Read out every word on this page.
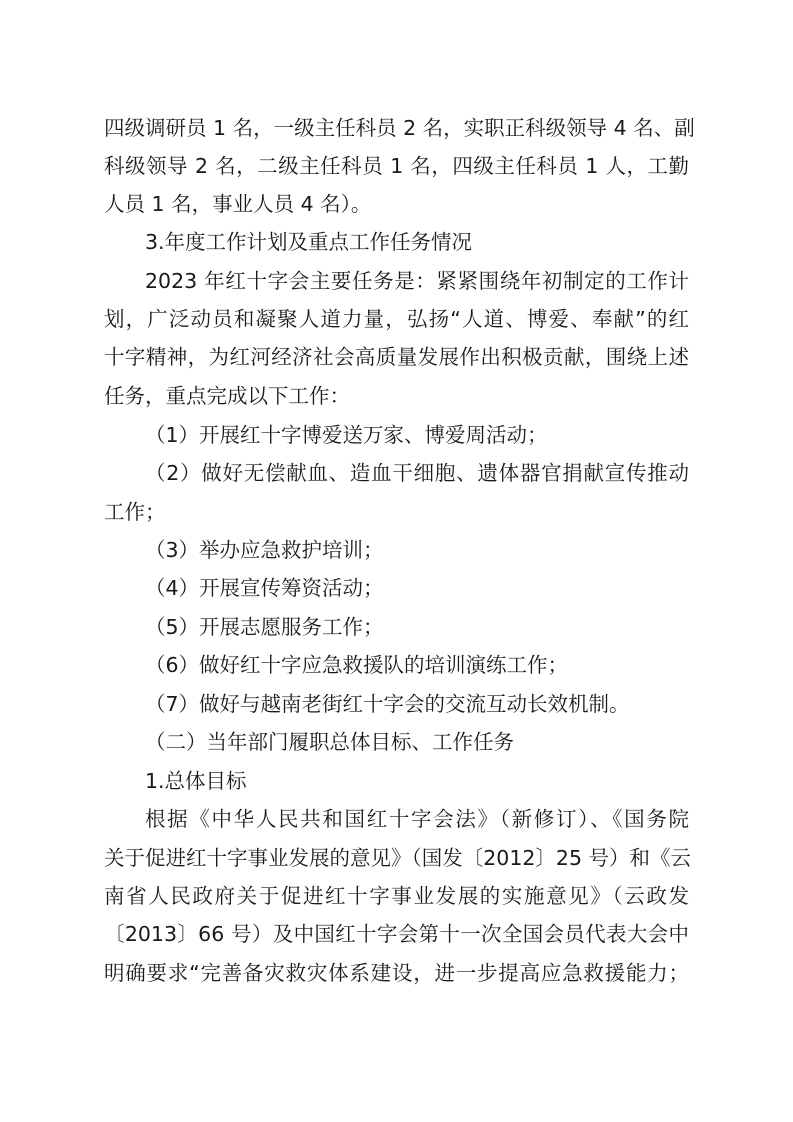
四级调研员 1 名，一级主任科员 2 名，实职正科级领导 4 名、副
科级领导 2 名，二级主任科员 1 名，四级主任科员 1 人，工勤
人员 1 名，事业人员 4 名）。
3.年度工作计划及重点工作任务情况
2023 年红十字会主要任务是：紧紧围绕年初制定的工作计
划，广泛动员和凝聚人道力量，弘扬“人道、博爱、奉献”的红
十字精神，为红河经济社会高质量发展作出积极贡献，围绕上述
任务，重点完成以下工作：
（1）开展红十字博爱送万家、博爱周活动；
（2）做好无偿献血、造血干细胞、遗体器官捐献宣传推动
工作；
（3）举办应急救护培训；
（4）开展宣传筹资活动；
（5）开展志愿服务工作；
（6）做好红十字应急救援队的培训演练工作；
（7）做好与越南老街红十字会的交流互动长效机制。
（二）当年部门履职总体目标、工作任务
1.总体目标
根据《中华人民共和国红十字会法》（新修订）、《国务院
关于促进红十字事业发展的意见》（国发〔2012〕25 号）和《云
南省人民政府关于促进红十字事业发展的实施意见》（云政发
〔2013〕66 号）及中国红十字会第十一次全国会员代表大会中
明确要求“完善备灾救灾体系建设，进一步提高应急救援能力；
